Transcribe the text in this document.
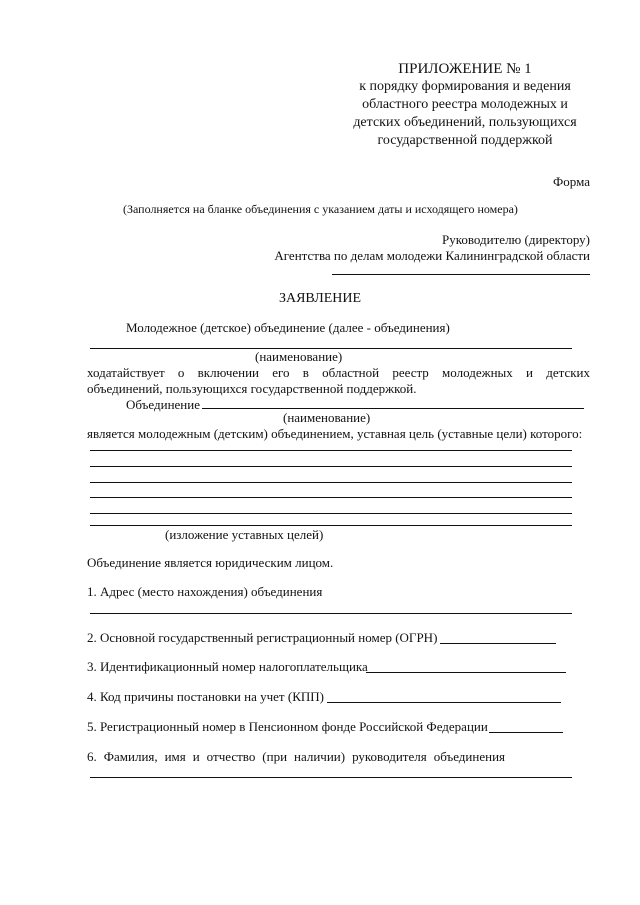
ПРИЛОЖЕНИЕ № 1
к порядку формирования и ведения
областного реестра молодежных и
детских объединений, пользующихся
государственной поддержкой
Форма
(Заполняется на бланке объединения с указанием даты и исходящего номера)
Руководителю (директору)
Агентства по делам молодежи Калининградской области
ЗАЯВЛЕНИЕ
Молодежное (детское) объединение (далее - объединения)
(наименование)
ходатайствует о включении его в областной реестр молодежных и детских
объединений, пользующихся государственной поддержкой.
Объединение
(наименование)
является молодежным (детским) объединением, уставная цель (уставные цели) которого:
(изложение уставных целей)
Объединение является юридическим лицом.
1. Адрес (место нахождения) объединения
2. Основной государственный регистрационный номер (ОГРН)
3. Идентификационный номер налогоплательщика
4. Код причины постановки на учет (КПП)
5. Регистрационный номер в Пенсионном фонде Российской Федерации
6. Фамилия, имя и отчество (при наличии) руководителя объединения
